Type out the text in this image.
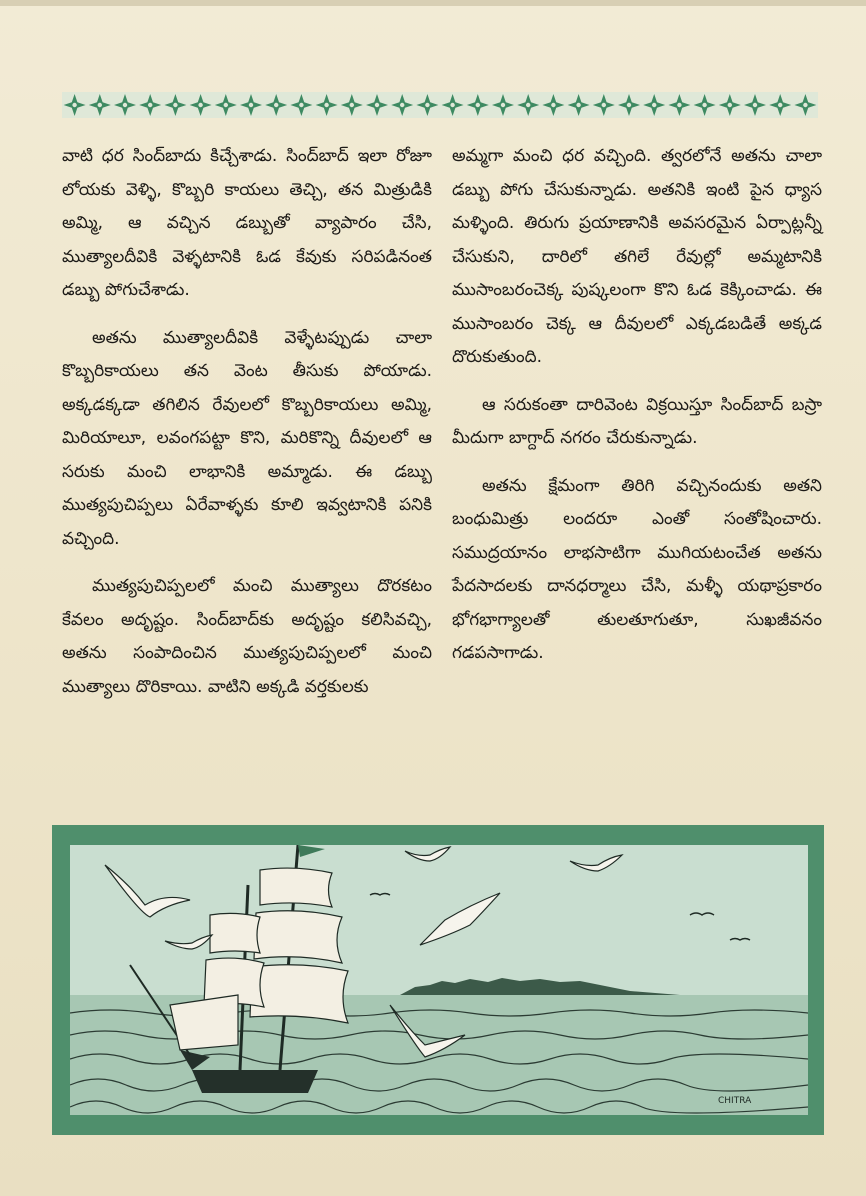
వాటి ధర సింద్‌బాదు కిచ్చేశాడు. సింద్‌బాద్ ఇలా రోజూ లోయకు వెళ్ళి, కొబ్బరి కాయలు తెచ్చి, తన మిత్రుడికి అమ్మి, ఆ వచ్చిన డబ్బుతో వ్యాపారం చేసి, ముత్యాలదీవికి వెళ్ళటానికి ఓడ కేవుకు సరిపడినంత డబ్బు పోగుచేశాడు.

అతను ముత్యాలదీవికి వెళ్ళేటప్పుడు చాలా కొబ్బరికాయలు తన వెంట తీసుకు పోయాడు. అక్కడక్కడా తగిలిన రేవులలో కొబ్బరికాయలు అమ్మి, మిరియాలూ, లవంగపట్టా కొని, మరికొన్ని దీవులలో ఆ సరుకు మంచి లాభానికి అమ్మాడు. ఈ డబ్బు ముత్యపుచిప్పలు ఏరేవాళ్ళకు కూలి ఇవ్వటానికి పనికి వచ్చింది.

ముత్యపుచిప్పలలో మంచి ముత్యాలు దొరకటం కేవలం అదృష్టం. సింద్‌బాద్‌కు అదృష్టం కలిసివచ్చి, అతను సంపాదించిన ముత్యపుచిప్పలలో మంచి ముత్యాలు దొరికాయి. వాటిని అక్కడి వర్తకులకు

అమ్మగా మంచి ధర వచ్చింది. త్వరలోనే అతను చాలా డబ్బు పోగు చేసుకున్నాడు. అతనికి ఇంటి పైన ధ్యాస మళ్ళింది. తిరుగు ప్రయాణానికి అవసరమైన ఏర్పాట్లన్నీ చేసుకుని, దారిలో తగిలే రేవుల్లో అమ్మటానికి ముసాంబరంచెక్క పుష్కలంగా కొని ఓడ కెక్కించాడు. ఈ ముసాంబరం చెక్క ఆ దీవులలో ఎక్కడబడితే అక్కడ దొరుకుతుంది.

ఆ సరుకంతా దారివెంట విక్రయిస్తూ సింద్‌బాద్ బస్రా మీదుగా బాగ్దాద్ నగరం చేరుకున్నాడు.

అతను క్షేమంగా తిరిగి వచ్చినందుకు అతని బంధుమిత్రు లందరూ ఎంతో సంతోషించారు. సముద్రయానం లాభసాటిగా ముగియటంచేత అతను పేదసాదలకు దానధర్మాలు చేసి, మళ్ళీ యథాప్రకారం భోగభాగ్యాలతో తులతూగుతూ, సుఖజీవనం గడపసాగాడు.

CHITRA
